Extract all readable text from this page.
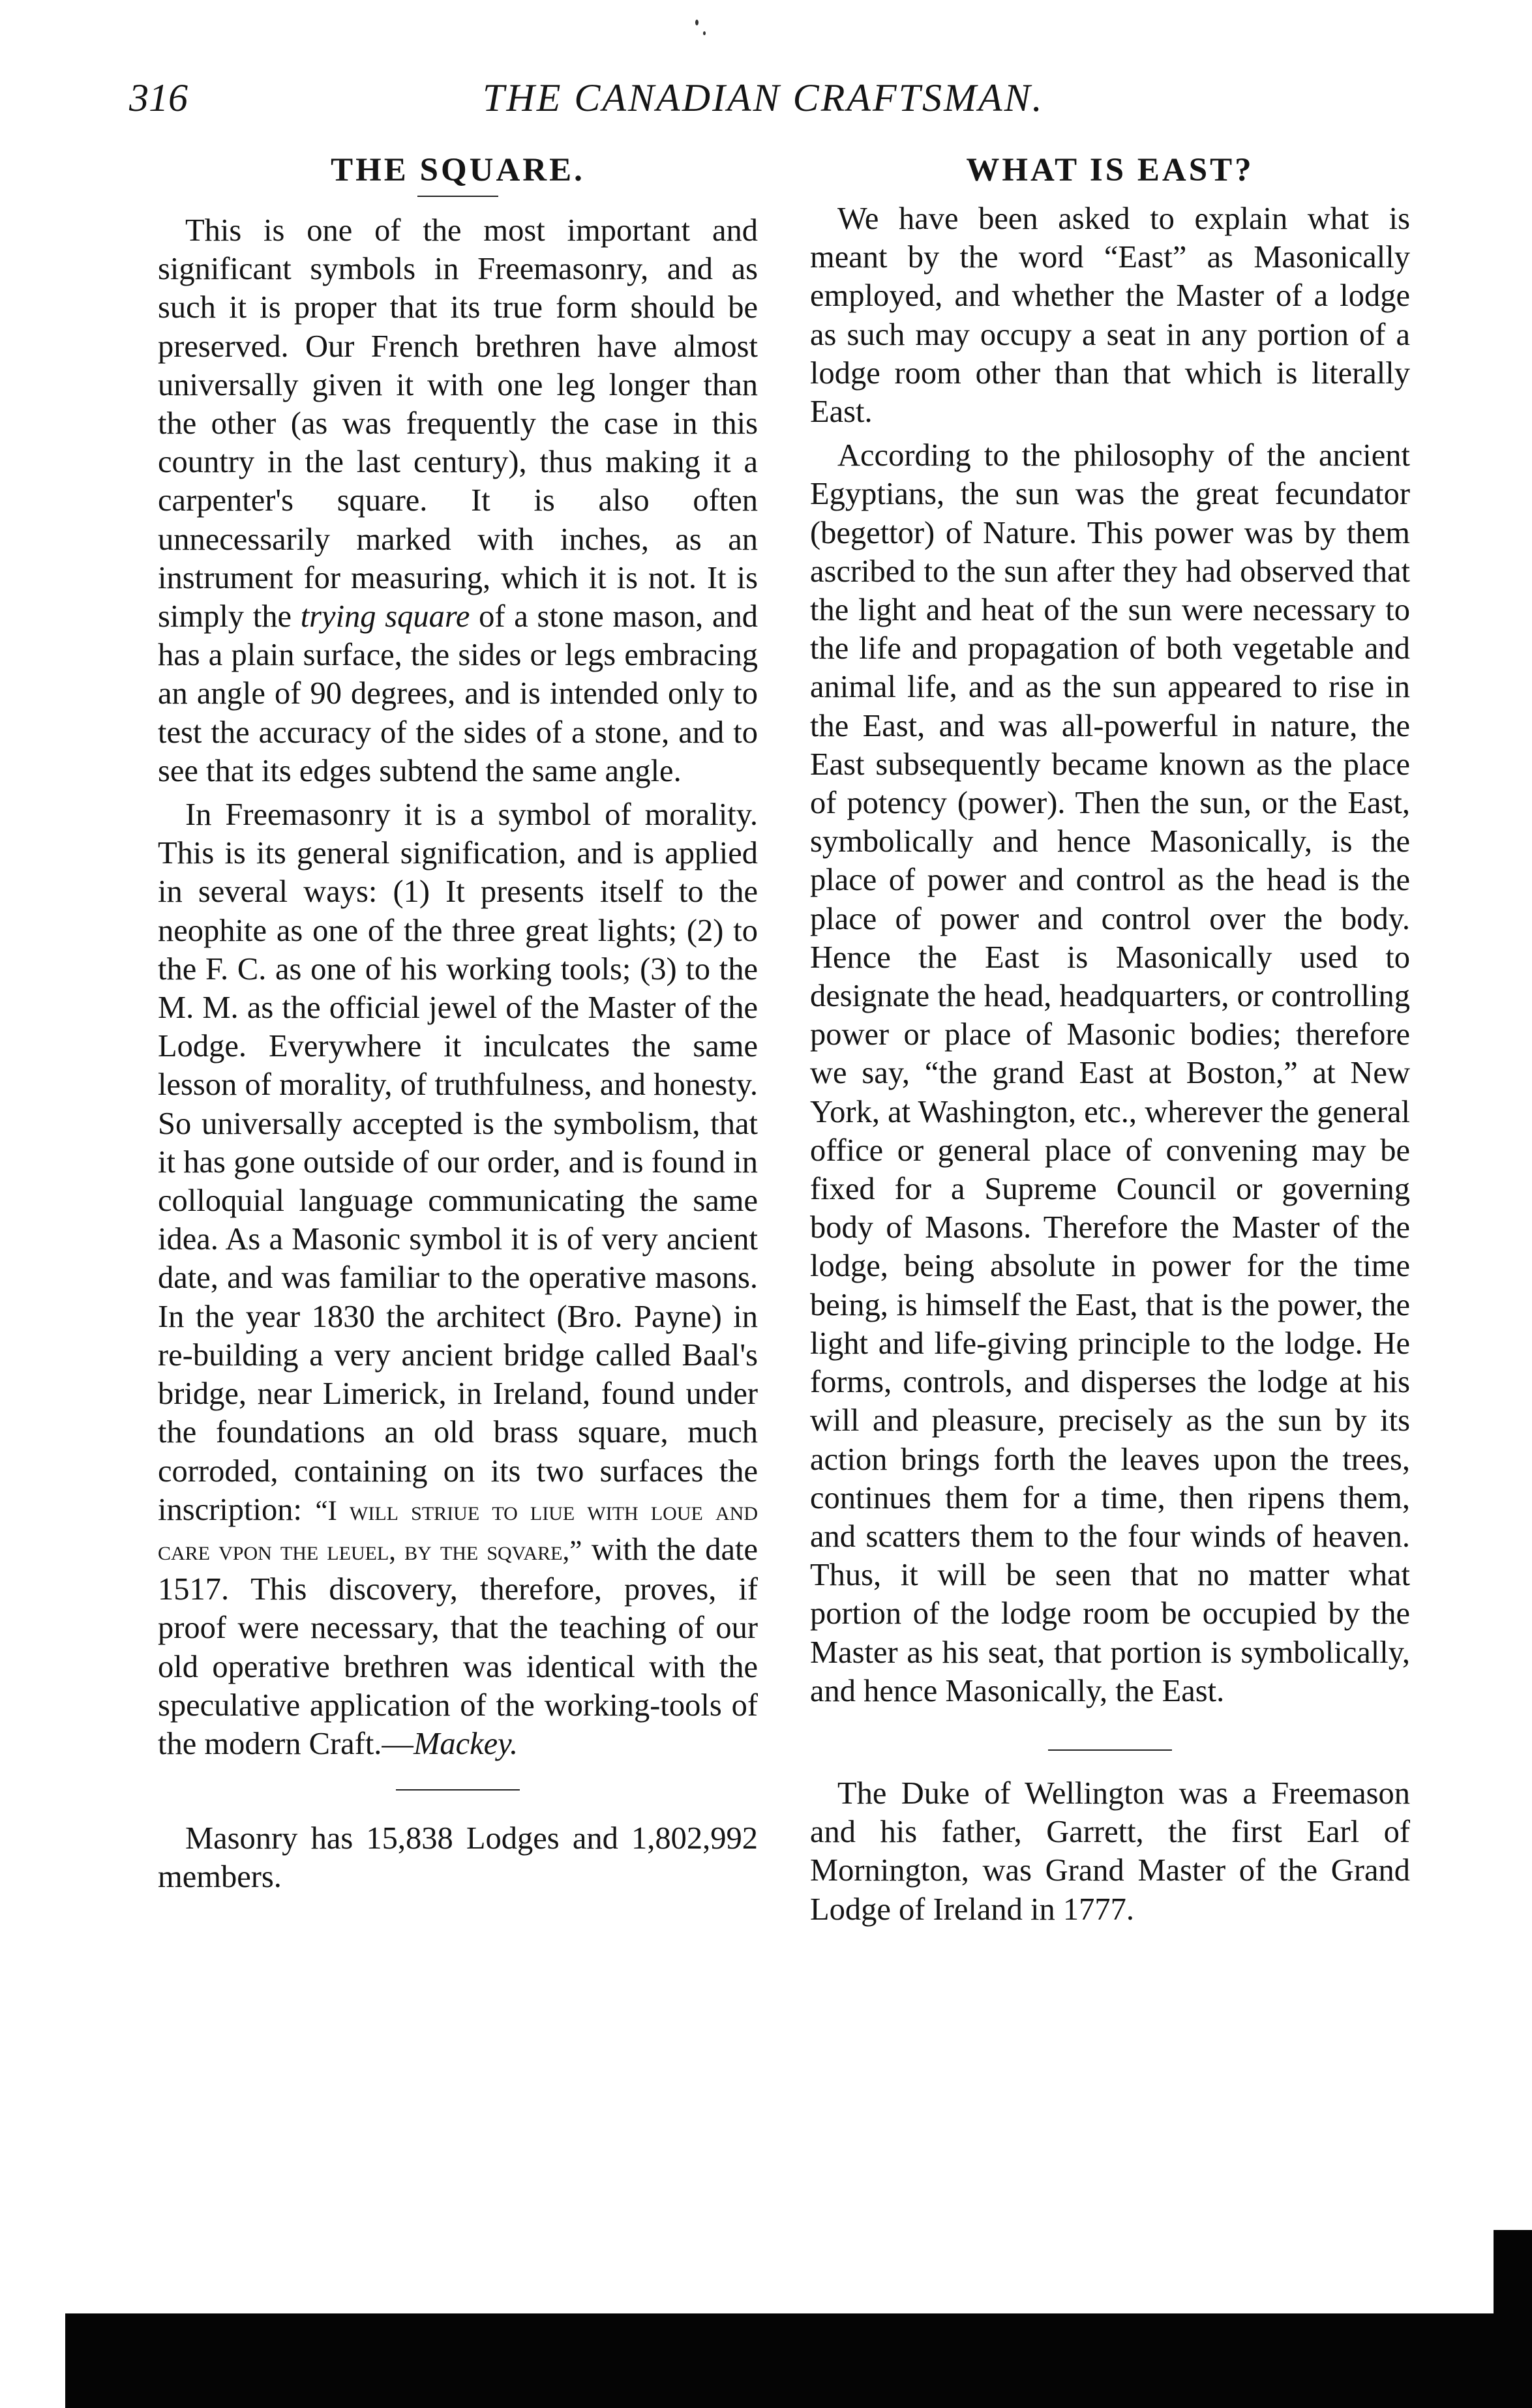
316	THE CANADIAN CRAFTSMAN.
THE SQUARE.

This is one of the most important and significant symbols in Freemasonry, and as such it is proper that its true form should be preserved. Our French brethren have almost universally given it with one leg longer than the other (as was frequently the case in this country in the last century), thus making it a carpenter's square. It is also often unnecessarily marked with inches, as an instrument for measuring, which it is not. It is simply the trying square of a stone mason, and has a plain surface, the sides or legs embracing an angle of 90 degrees, and is intended only to test the accuracy of the sides of a stone, and to see that its edges subtend the same angle.

In Freemasonry it is a symbol of morality. This is its general signification, and is applied in several ways: (1) It presents itself to the neophite as one of the three great lights; (2) to the F. C. as one of his working tools; (3) to the M. M. as the official jewel of the Master of the Lodge. Everywhere it inculcates the same lesson of morality, of truthfulness, and honesty. So universally accepted is the symbolism, that it has gone outside of our order, and is found in colloquial language communicating the same idea. As a Masonic symbol it is of very ancient date, and was familiar to the operative masons. In the year 1830 the architect (Bro. Payne) in re-building a very ancient bridge called Baal's bridge, near Limerick, in Ireland, found under the foundations an old brass square, much corroded, containing on its two surfaces the inscription: “I will striue to liue with loue and care vpon the leuel, by the sqvare,” with the date 1517. This discovery, therefore, proves, if proof were necessary, that the teaching of our old operative brethren was identical with the speculative application of the working-tools of the modern Craft.—Mackey.

Masonry has 15,838 Lodges and 1,802,992 members.

WHAT IS EAST?

We have been asked to explain what is meant by the word “East” as Masonically employed, and whether the Master of a lodge as such may occupy a seat in any portion of a lodge room other than that which is literally East.

According to the philosophy of the ancient Egyptians, the sun was the great fecundator (begettor) of Nature. This power was by them ascribed to the sun after they had observed that the light and heat of the sun were necessary to the life and propagation of both vegetable and animal life, and as the sun appeared to rise in the East, and was all-powerful in nature, the East subsequently became known as the place of potency (power). Then the sun, or the East, symbolically and hence Masonically, is the place of power and control as the head is the place of power and control over the body. Hence the East is Masonically used to designate the head, headquarters, or controlling power or place of Masonic bodies; therefore we say, “the grand East at Boston,” at New York, at Washington, etc., wherever the general office or general place of convening may be fixed for a Supreme Council or governing body of Masons. Therefore the Master of the lodge, being absolute in power for the time being, is himself the East, that is the power, the light and life-giving principle to the lodge. He forms, controls, and disperses the lodge at his will and pleasure, precisely as the sun by its action brings forth the leaves upon the trees, continues them for a time, then ripens them, and scatters them to the four winds of heaven. Thus, it will be seen that no matter what portion of the lodge room be occupied by the Master as his seat, that portion is symbolically, and hence Masonically, the East.

The Duke of Wellington was a Freemason and his father, Garrett, the first Earl of Mornington, was Grand Master of the Grand Lodge of Ireland in 1777.
